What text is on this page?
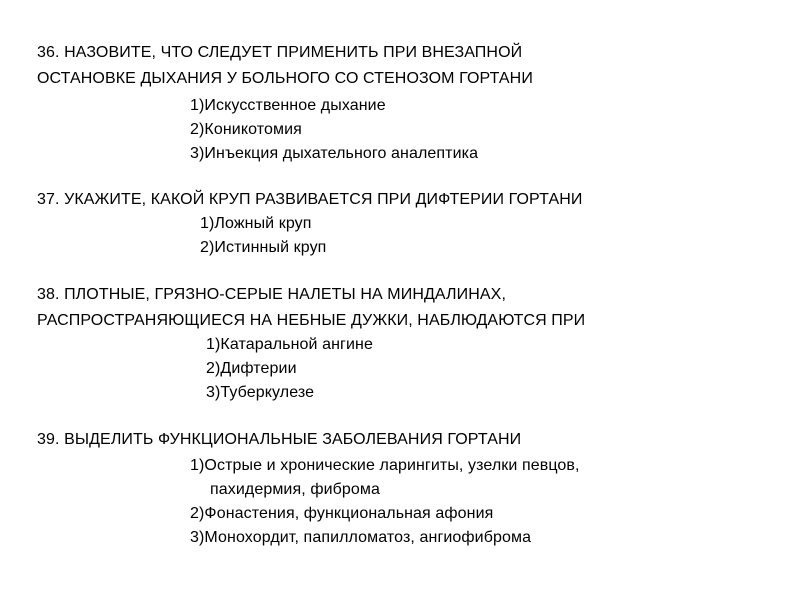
36. НАЗОВИТЕ, ЧТО СЛЕДУЕТ ПРИМЕНИТЬ ПРИ ВНЕЗАПНОЙ
ОСТАНОВКЕ ДЫХАНИЯ У БОЛЬНОГО СО СТЕНОЗОМ ГОРТАНИ
1)Искусственное дыхание
2)Коникотомия
3)Инъекция дыхательного аналептика
37. УКАЖИТЕ, КАКОЙ КРУП РАЗВИВАЕТСЯ ПРИ ДИФТЕРИИ ГОРТАНИ
1)Ложный круп
2)Истинный круп
38. ПЛОТНЫЕ, ГРЯЗНО-СЕРЫЕ НАЛЕТЫ НА МИНДАЛИНАХ,
РАСПРОСТРАНЯЮЩИЕСЯ НА НЕБНЫЕ ДУЖКИ, НАБЛЮДАЮТСЯ ПРИ
1)Катаральной ангине
2)Дифтерии
3)Туберкулезе
39. ВЫДЕЛИТЬ ФУНКЦИОНАЛЬНЫЕ ЗАБОЛЕВАНИЯ ГОРТАНИ
1)Острые и хронические ларингиты, узелки певцов,
пахидермия, фиброма
2)Фонастения, функциональная афония
3)Монохордит, папилломатоз, ангиофиброма
